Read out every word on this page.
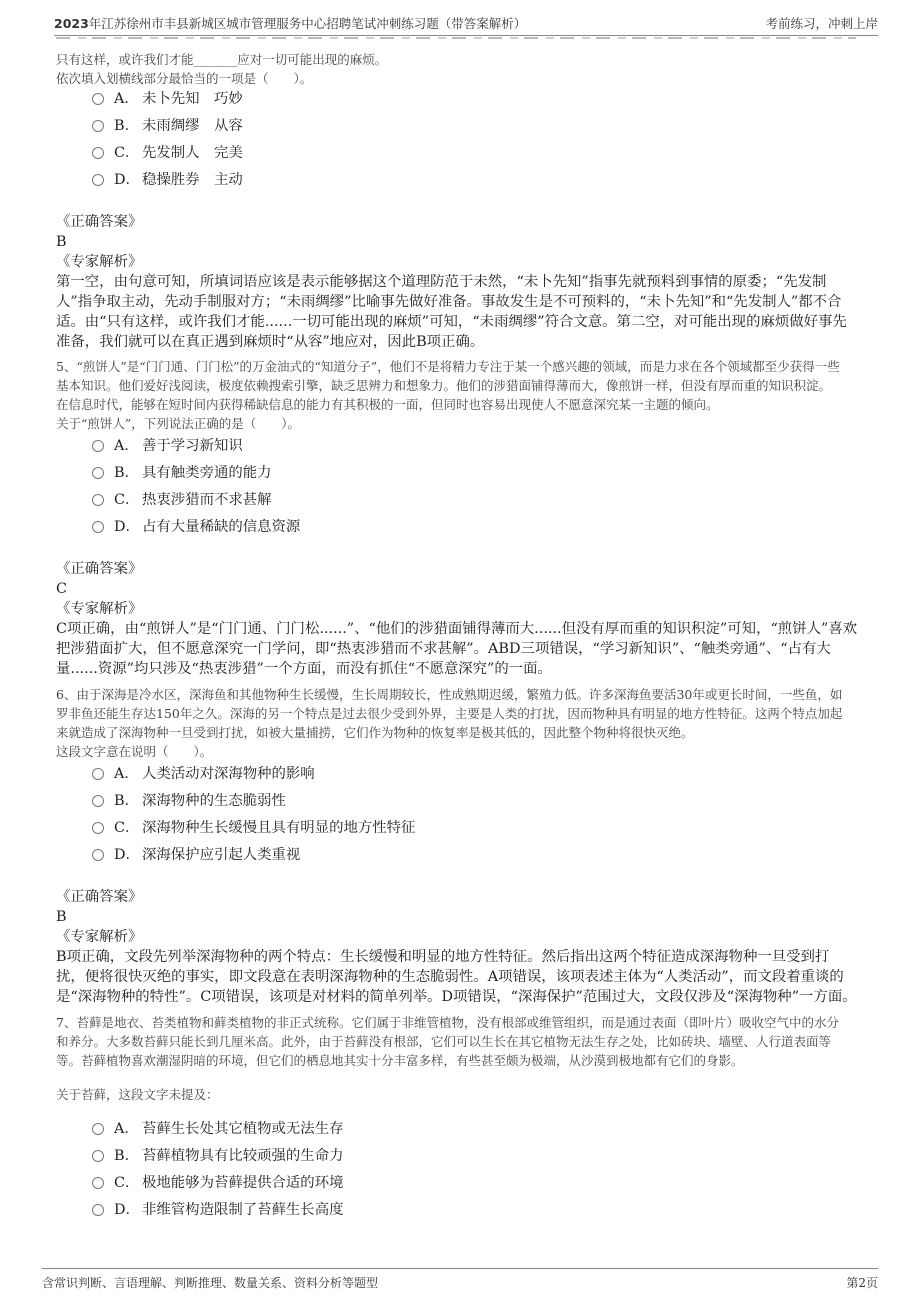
2023年江苏徐州市丰县新城区城市管理服务中心招聘笔试冲刺练习题（带答案解析）	考前练习，冲刺上岸
只有这样，或许我们才能_______应对一切可能出现的麻烦。
依次填入划横线部分最恰当的一项是（　　）。
A． 未卜先知　巧妙
B． 未雨绸缪　从容
C． 先发制人　完美
D． 稳操胜券　主动
《正确答案》
B
《专家解析》
第一空，由句意可知，所填词语应该是表示能够据这个道理防范于未然，“未卜先知”指事先就预料到事情的原委；“先发制
人”指争取主动，先动手制服对方；“未雨绸缪”比喻事先做好准备。事故发生是不可预料的，“未卜先知”和“先发制人”都不合
适。由“只有这样，或许我们才能......一切可能出现的麻烦”可知，“未雨绸缪”符合文意。第二空，对可能出现的麻烦做好事先
准备，我们就可以在真正遇到麻烦时“从容”地应对，因此B项正确。
5、“煎饼人”是“门门通、门门松”的万金油式的“知道分子”，他们不是将精力专注于某一个感兴趣的领域，而是力求在各个领域都至少获得一些
基本知识。他们爱好浅阅读，极度依赖搜索引擎，缺乏思辨力和想象力。他们的涉猎面铺得薄而大，像煎饼一样，但没有厚而重的知识积淀。
在信息时代，能够在短时间内获得稀缺信息的能力有其积极的一面，但同时也容易出现使人不愿意深究某一主题的倾向。
关于“煎饼人”，下列说法正确的是（　　）。
A． 善于学习新知识
B． 具有触类旁通的能力
C． 热衷涉猎而不求甚解
D． 占有大量稀缺的信息资源
《正确答案》
C
《专家解析》
C项正确，由“煎饼人”是“门门通、门门松......”、“他们的涉猎面铺得薄而大......但没有厚而重的知识积淀”可知，“煎饼人”喜欢
把涉猎面扩大，但不愿意深究一门学问，即“热衷涉猎而不求甚解”。ABD三项错误，“学习新知识”、“触类旁通”、“占有大
量......资源”均只涉及“热衷涉猎”一个方面，而没有抓住“不愿意深究”的一面。
6、由于深海是冷水区，深海鱼和其他物种生长缓慢，生长周期较长，性成熟期迟缓，繁殖力低。许多深海鱼要活30年或更长时间，一些鱼，如
罗非鱼还能生存达150年之久。深海的另一个特点是过去很少受到外界，主要是人类的打扰，因而物种具有明显的地方性特征。这两个特点加起
来就造成了深海物种一旦受到打扰，如被大量捕捞，它们作为物种的恢复率是极其低的，因此整个物种将很快灭绝。
这段文字意在说明（　　）。
A． 人类活动对深海物种的影响
B． 深海物种的生态脆弱性
C． 深海物种生长缓慢且具有明显的地方性特征
D． 深海保护应引起人类重视
《正确答案》
B
《专家解析》
B项正确，文段先列举深海物种的两个特点：生长缓慢和明显的地方性特征。然后指出这两个特征造成深海物种一旦受到打
扰，便将很快灭绝的事实，即文段意在表明深海物种的生态脆弱性。A项错误，该项表述主体为“人类活动”，而文段着重谈的
是“深海物种的特性”。C项错误，该项是对材料的简单列举。D项错误，“深海保护”范围过大，文段仅涉及“深海物种”一方面。
7、苔藓是地衣、苔类植物和藓类植物的非正式统称。它们属于非维管植物，没有根部或维管组织，而是通过表面（即叶片）吸收空气中的水分
和养分。大多数苔藓只能长到几厘米高。此外，由于苔藓没有根部，它们可以生长在其它植物无法生存之处，比如砖块、墙壁、人行道表面等
等。苔藓植物喜欢潮湿阴暗的环境，但它们的栖息地其实十分丰富多样，有些甚至颇为极端，从沙漠到极地都有它们的身影。
关于苔藓，这段文字未提及：
A． 苔藓生长处其它植物或无法生存
B． 苔藓植物具有比较顽强的生命力
C． 极地能够为苔藓提供合适的环境
D． 非维管构造限制了苔藓生长高度
含常识判断、言语理解、判断推理、数量关系、资料分析等题型	第2页
